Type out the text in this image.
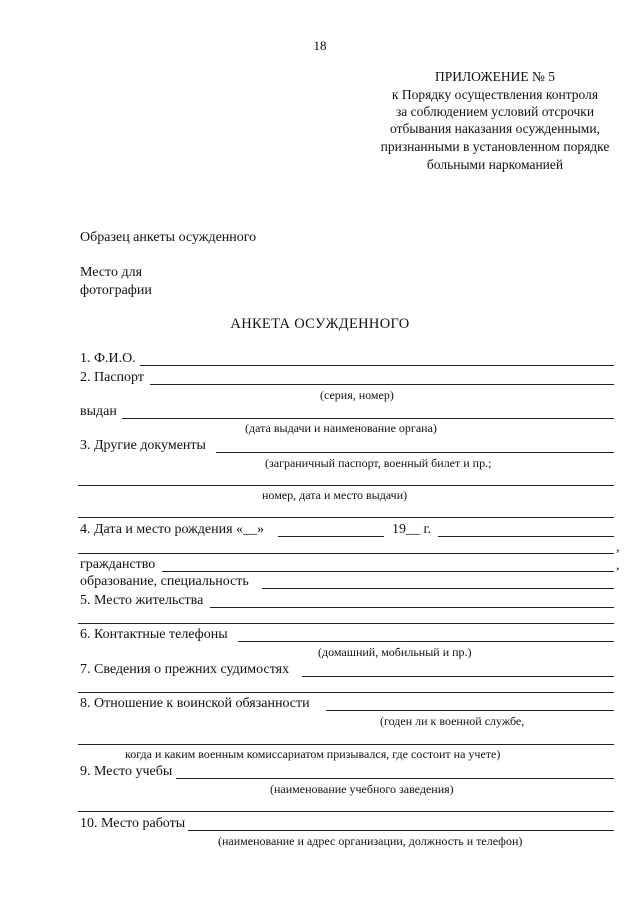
18
ПРИЛОЖЕНИЕ № 5
к Порядку осуществления контроля
за соблюдением условий отсрочки
отбывания наказания осужденными,
признанными в установленном порядке
больными наркоманией
Образец анкеты осужденного
Место для
фотографии
АНКЕТА ОСУЖДЕННОГО
1. Ф.И.О.
2. Паспорт
(серия, номер)
выдан
(дата выдачи и наименование органа)
3. Другие документы
(заграничный паспорт, военный билет и пр.;
номер, дата и место выдачи)
4. Дата и место рождения «__»	19__ г.
,
гражданство	,
образование, специальность
5. Место жительства
6. Контактные телефоны
(домашний, мобильный и пр.)
7. Сведения о прежних судимостях
8. Отношение к воинской обязанности
(годен ли к военной службе,
когда и каким военным комиссариатом призывался, где состоит на учете)
9. Место учебы
(наименование учебного заведения)
10. Место работы
(наименование и адрес организации, должность и телефон)
